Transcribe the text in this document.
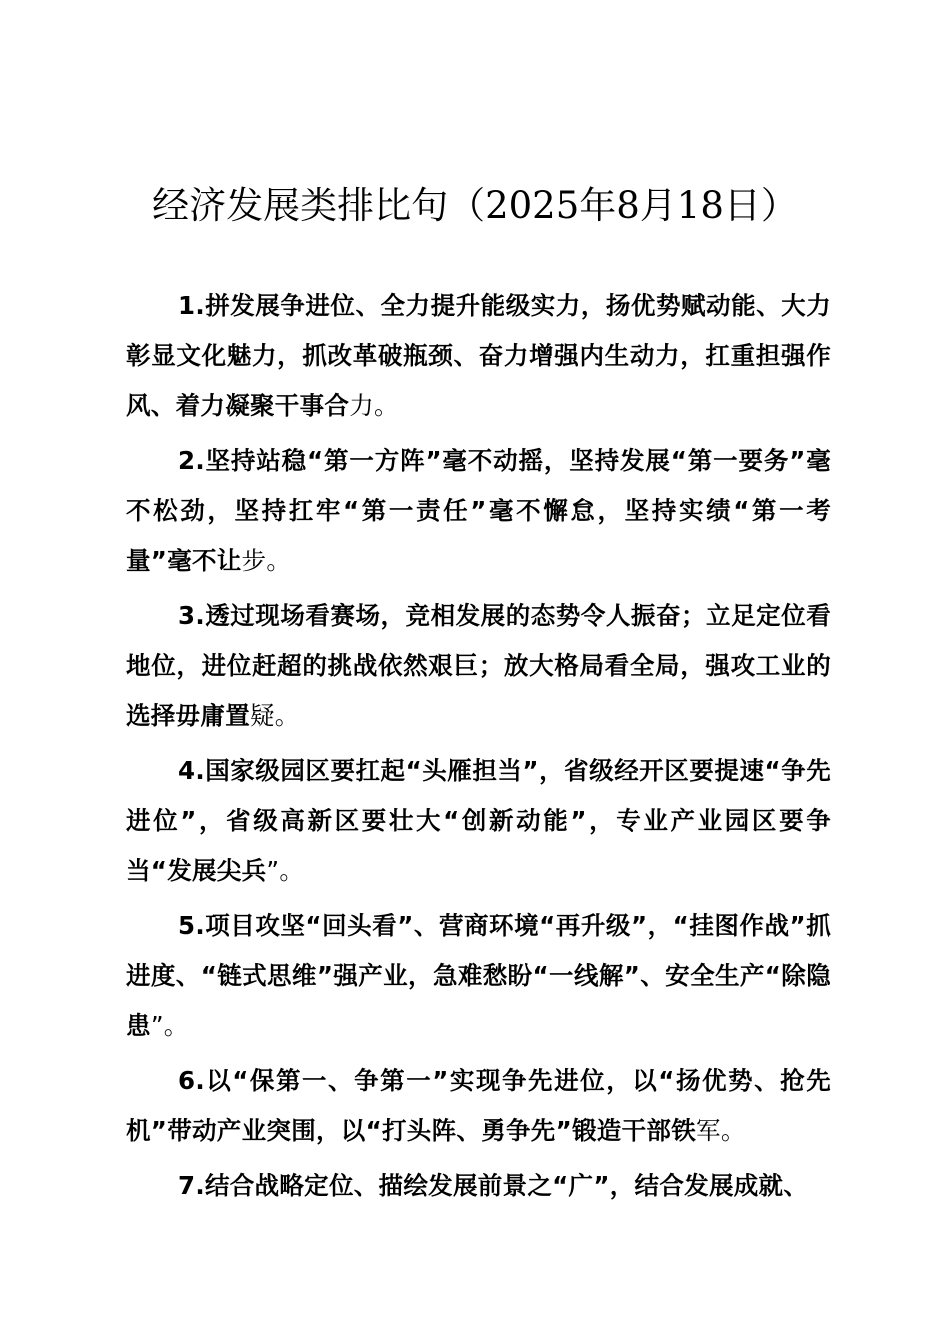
经济发展类排比句（2025年8月18日）

1.拼发展争进位、全力提升能级实力，扬优势赋动能、大力彰显文化魅力，抓改革破瓶颈、奋力增强内生动力，扛重担强作风、着力凝聚干事合力。

2.坚持站稳“第一方阵”毫不动摇，坚持发展“第一要务”毫不松劲，坚持扛牢“第一责任”毫不懈怠，坚持实绩“第一考量”毫不让步。

3.透过现场看赛场，竞相发展的态势令人振奋；立足定位看地位，进位赶超的挑战依然艰巨；放大格局看全局，强攻工业的选择毋庸置疑。

4.国家级园区要扛起“头雁担当”，省级经开区要提速“争先进位”，省级高新区要壮大“创新动能”，专业产业园区要争当“发展尖兵”。

5.项目攻坚“回头看”、营商环境“再升级”，“挂图作战”抓进度、“链式思维”强产业，急难愁盼“一线解”、安全生产“除隐患”。

6.以“保第一、争第一”实现争先进位，以“扬优势、抢先机”带动产业突围，以“打头阵、勇争先”锻造干部铁军。

7.结合战略定位、描绘发展前景之“广”，结合发展成就、
